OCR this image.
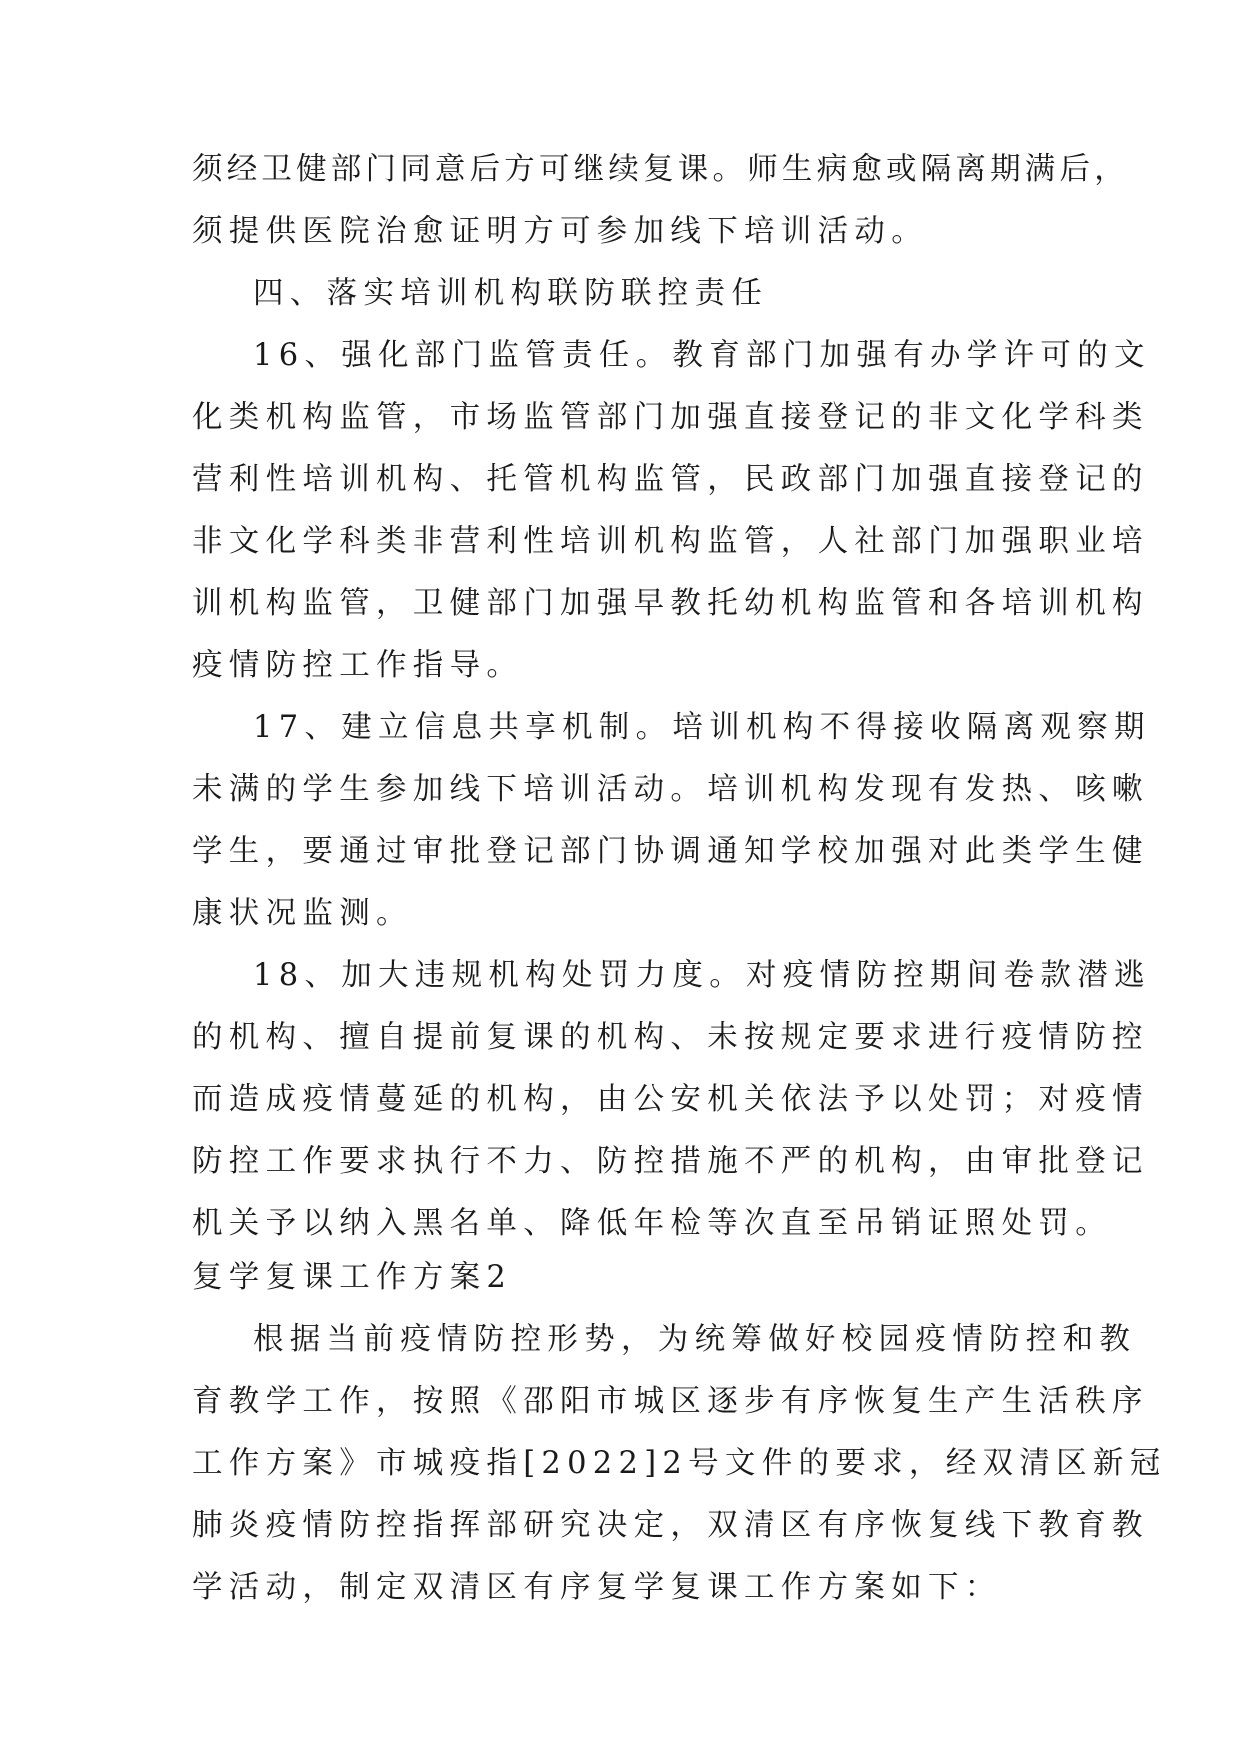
须经卫健部门同意后方可继续复课。师生病愈或隔离期满后，
须提供医院治愈证明方可参加线下培训活动。
四、落实培训机构联防联控责任
16、强化部门监管责任。教育部门加强有办学许可的文
化类机构监管，市场监管部门加强直接登记的非文化学科类
营利性培训机构、托管机构监管，民政部门加强直接登记的
非文化学科类非营利性培训机构监管，人社部门加强职业培
训机构监管，卫健部门加强早教托幼机构监管和各培训机构
疫情防控工作指导。
17、建立信息共享机制。培训机构不得接收隔离观察期
未满的学生参加线下培训活动。培训机构发现有发热、咳嗽
学生，要通过审批登记部门协调通知学校加强对此类学生健
康状况监测。
18、加大违规机构处罚力度。对疫情防控期间卷款潜逃
的机构、擅自提前复课的机构、未按规定要求进行疫情防控
而造成疫情蔓延的机构，由公安机关依法予以处罚；对疫情
防控工作要求执行不力、防控措施不严的机构，由审批登记
机关予以纳入黑名单、降低年检等次直至吊销证照处罚。
复学复课工作方案2
根据当前疫情防控形势，为统筹做好校园疫情防控和教
育教学工作，按照《邵阳市城区逐步有序恢复生产生活秩序
工作方案》市城疫指[2022]2号文件的要求，经双清区新冠
肺炎疫情防控指挥部研究决定，双清区有序恢复线下教育教
学活动，制定双清区有序复学复课工作方案如下：
